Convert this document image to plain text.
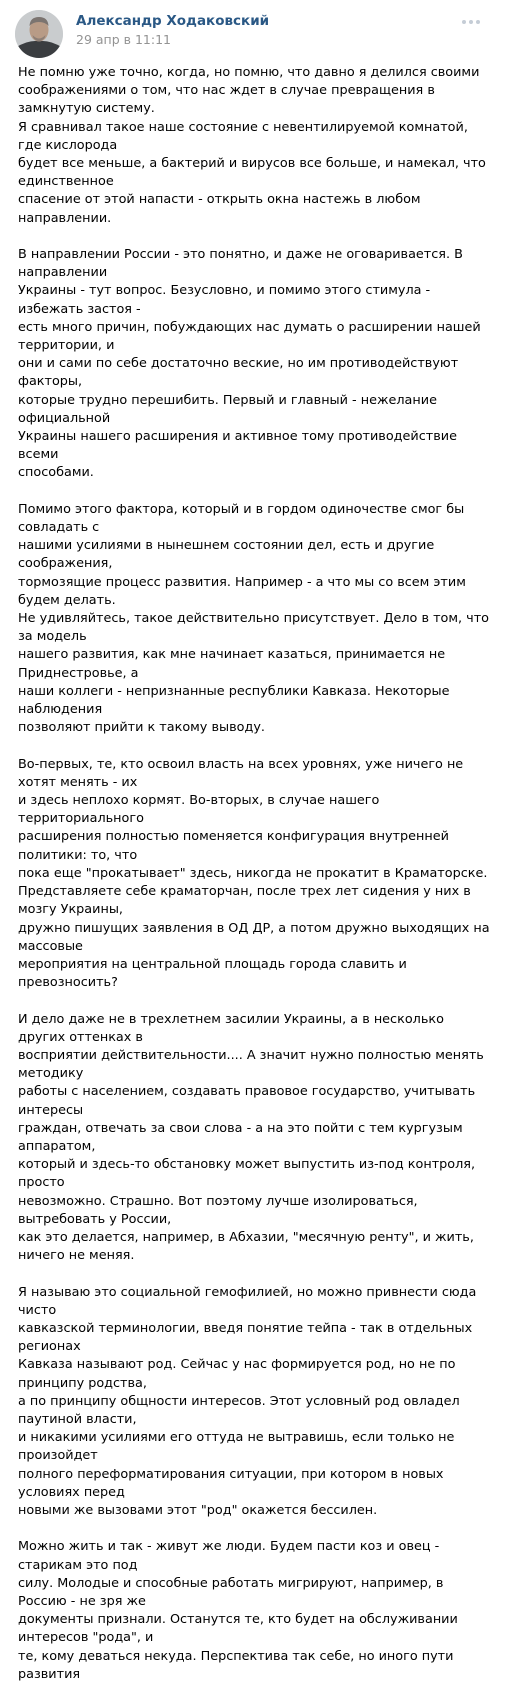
Александр Ходаковский
29 апр в 11:11

Не помню уже точно, когда, но помню, что давно я делился своими
соображениями о том, что нас ждет в случае превращения в замкнутую систему.
Я сравнивал такое наше состояние с невентилируемой комнатой, где кислорода
будет все меньше, а бактерий и вирусов все больше, и намекал, что единственное
спасение от этой напасти - открыть окна настежь в любом направлении.

В направлении России - это понятно, и даже не оговаривается. В направлении
Украины - тут вопрос. Безусловно, и помимо этого стимула - избежать застоя -
есть много причин, побуждающих нас думать о расширении нашей территории, и
они и сами по себе достаточно веские, но им противодействуют факторы,
которые трудно перешибить. Первый и главный - нежелание официальной
Украины нашего расширения и активное тому противодействие всеми
способами.

Помимо этого фактора, который и в гордом одиночестве смог бы совладать с
нашими усилиями в нынешнем состоянии дел, есть и другие соображения,
тормозящие процесс развития. Например - а что мы со всем этим будем делать.
Не удивляйтесь, такое действительно присутствует. Дело в том, что за модель
нашего развития, как мне начинает казаться, принимается не Приднестровье, а
наши коллеги - непризнанные республики Кавказа. Некоторые наблюдения
позволяют прийти к такому выводу.

Во-первых, те, кто освоил власть на всех уровнях, уже ничего не хотят менять - их
и здесь неплохо кормят. Во-вторых, в случае нашего территориального
расширения полностью поменяется конфигурация внутренней политики: то, что
пока еще "прокатывает" здесь, никогда не прокатит в Краматорске.
Представляете себе краматорчан, после трех лет сидения у них в мозгу Украины,
дружно пишущих заявления в ОД ДР, а потом дружно выходящих на массовые
мероприятия на центральной площадь города славить и превозносить?

И дело даже не в трехлетнем засилии Украины, а в несколько других оттенках в
восприятии действительности.... А значит нужно полностью менять методику
работы с населением, создавать правовое государство, учитывать интересы
граждан, отвечать за свои слова - а на это пойти с тем кургузым аппаратом,
который и здесь-то обстановку может выпустить из-под контроля, просто
невозможно. Страшно. Вот поэтому лучше изолироваться, вытребовать у России,
как это делается, например, в Абхазии, "месячную ренту", и жить, ничего не меняя.

Я называю это социальной гемофилией, но можно привнести сюда чисто
кавказской терминологии, введя понятие тейпа - так в отдельных регионах
Кавказа называют род. Сейчас у нас формируется род, но не по принципу родства,
а по принципу общности интересов. Этот условный род овладел паутиной власти,
и никакими усилиями его оттуда не вытравишь, если только не произойдет
полного переформатирования ситуации, при котором в новых условиях перед
новыми же вызовами этот "род" окажется бессилен.

Можно жить и так - живут же люди. Будем пасти коз и овец - старикам это под
силу. Молодые и способные работать мигрируют, например, в Россию - не зря же
документы признали. Останутся те, кто будет на обслуживании интересов "рода", и
те, кому деваться некуда. Перспектива так себе, но иного пути развития
